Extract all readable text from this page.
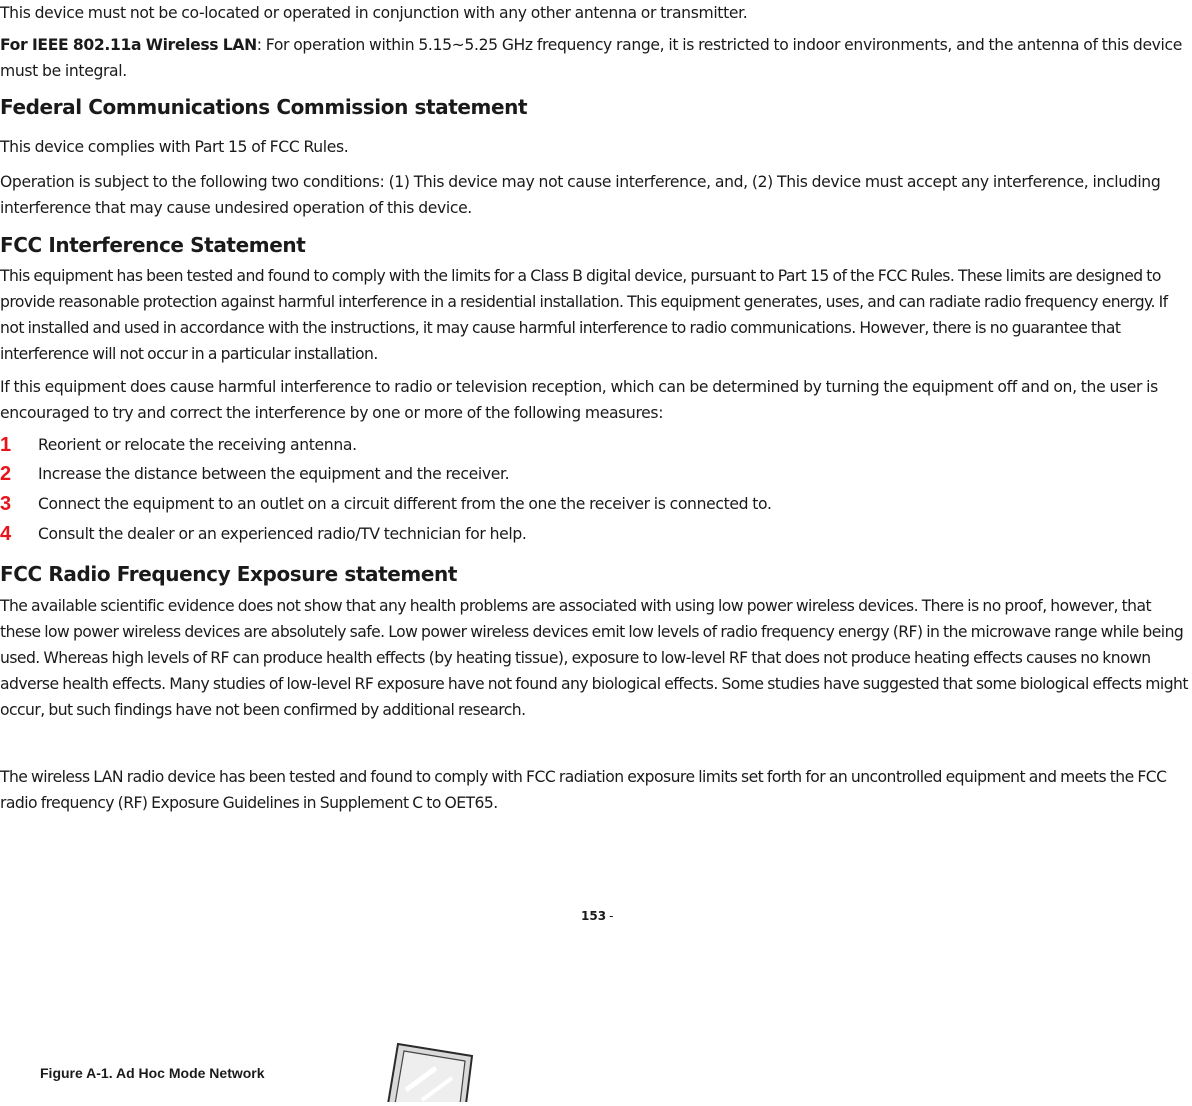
This device must not be co-located or operated in conjunction with any other antenna or transmitter.

For IEEE 802.11a Wireless LAN: For operation within 5.15~5.25 GHz frequency range, it is restricted to indoor environments, and the antenna of this device must be integral.

Federal Communications Commission statement

This device complies with Part 15 of FCC Rules.

Operation is subject to the following two conditions: (1) This device may not cause interference, and, (2) This device must accept any interference, including interference that may cause undesired operation of this device.

FCC Interference Statement

This equipment has been tested and found to comply with the limits for a Class B digital device, pursuant to Part 15 of the FCC Rules. These limits are designed to provide reasonable protection against harmful interference in a residential installation. This equipment generates, uses, and can radiate radio frequency energy. If not installed and used in accordance with the instructions, it may cause harmful interference to radio communications. However, there is no guarantee that interference will not occur in a particular installation.

If this equipment does cause harmful interference to radio or television reception, which can be determined by turning the equipment off and on, the user is encouraged to try and correct the interference by one or more of the following measures:

1 Reorient or relocate the receiving antenna.
2 Increase the distance between the equipment and the receiver.
3 Connect the equipment to an outlet on a circuit different from the one the receiver is connected to.
4 Consult the dealer or an experienced radio/TV technician for help.
FCC Radio Frequency Exposure statement

The available scientific evidence does not show that any health problems are associated with using low power wireless devices. There is no proof, however, that these low power wireless devices are absolutely safe. Low power wireless devices emit low levels of radio frequency energy (RF) in the microwave range while being used. Whereas high levels of RF can produce health effects (by heating tissue), exposure to low-level RF that does not produce heating effects causes no known adverse health effects. Many studies of low-level RF exposure have not found any biological effects. Some studies have suggested that some biological effects might occur, but such findings have not been confirmed by additional research.

The wireless LAN radio device has been tested and found to comply with FCC radiation exposure limits set forth for an uncontrolled equipment and meets the FCC radio frequency (RF) Exposure Guidelines in Supplement C to OET65.

153 -
Figure A-1. Ad Hoc Mode Network
